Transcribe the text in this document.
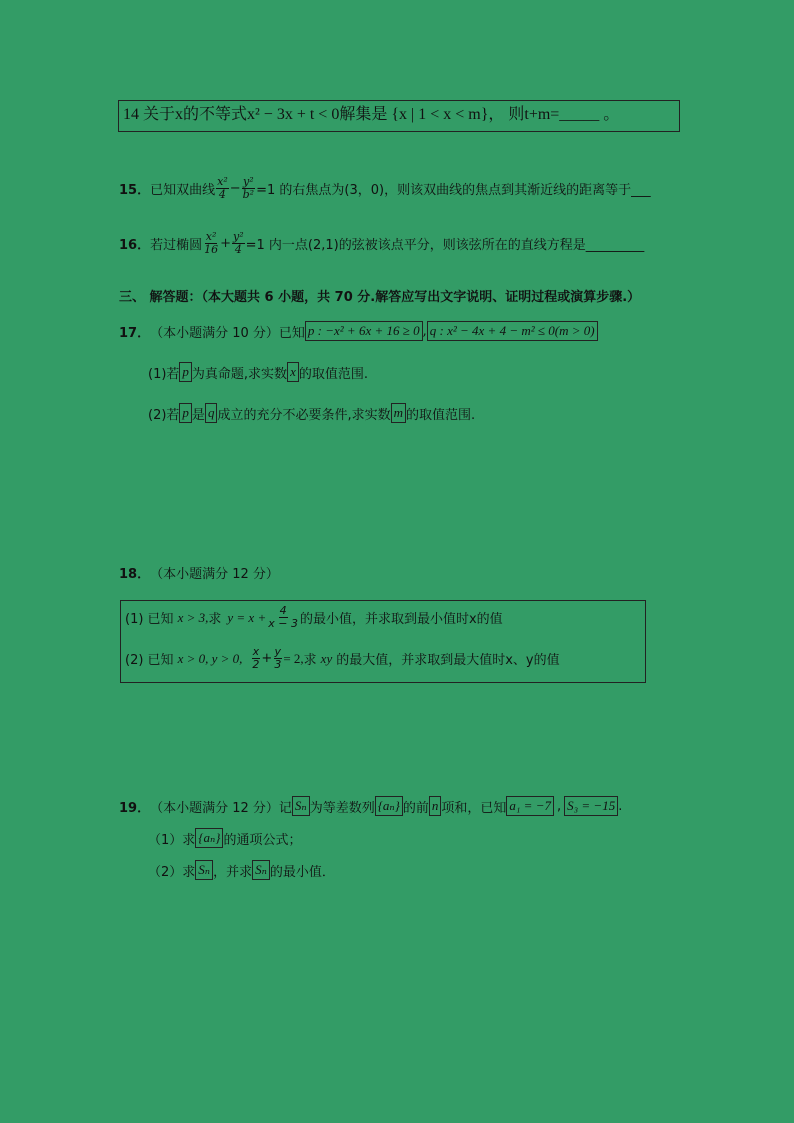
14 关于x的不等式x² − 3x + t < 0解集是 {x | 1 < x < m}， 则t+m=_____ 。
15． 已知双曲线 $\frac{\text{x²}}{4} - \frac{\text{y²}}{\text{b²}} =1$ 的右焦点为(3，0)，则该双曲线的焦点到其渐近线的距离等于___
16． 若过椭圆 $\frac{\text{x²}}{16} + \frac{\text{y²}}{4} =1$ 内一点(2,1)的弦被该点平分，则该弦所在的直线方程是_________
三、 解答题：（本大题共 6 小题，共 70 分.解答应写出文字说明、证明过程或演算步骤.）
17． （本小题满分 10 分）已知 p : −x² + 6x + 16 ≥ 0 , q : x² − 4x + 4 − m² ≤ 0(m > 0)
(1)若 p 为真命题,求实数 x 的取值范围.
(2)若 p 是 q 成立的充分不必要条件,求实数 m 的取值范围.
18． （本小题满分 12 分）
(1) 已知 x > 3, 求 $y = x + \frac{4}{x - 3}$ 的最小值，并求取到最小值时x的值
(2) 已知 x > 0, y > 0, $\frac{x}{2} + \frac{y}{3} = 2$, 求 xy 的最大值，并求取到最大值时x、y的值
19． （本小题满分 12 分）记 Sₙ 为等差数列 {aₙ} 的前 n 项和，已知 a₁ = −7 , S₃ = −15 .
（1）求 {aₙ} 的通项公式；
（2）求 Sₙ ，并求 Sₙ 的最小值．
